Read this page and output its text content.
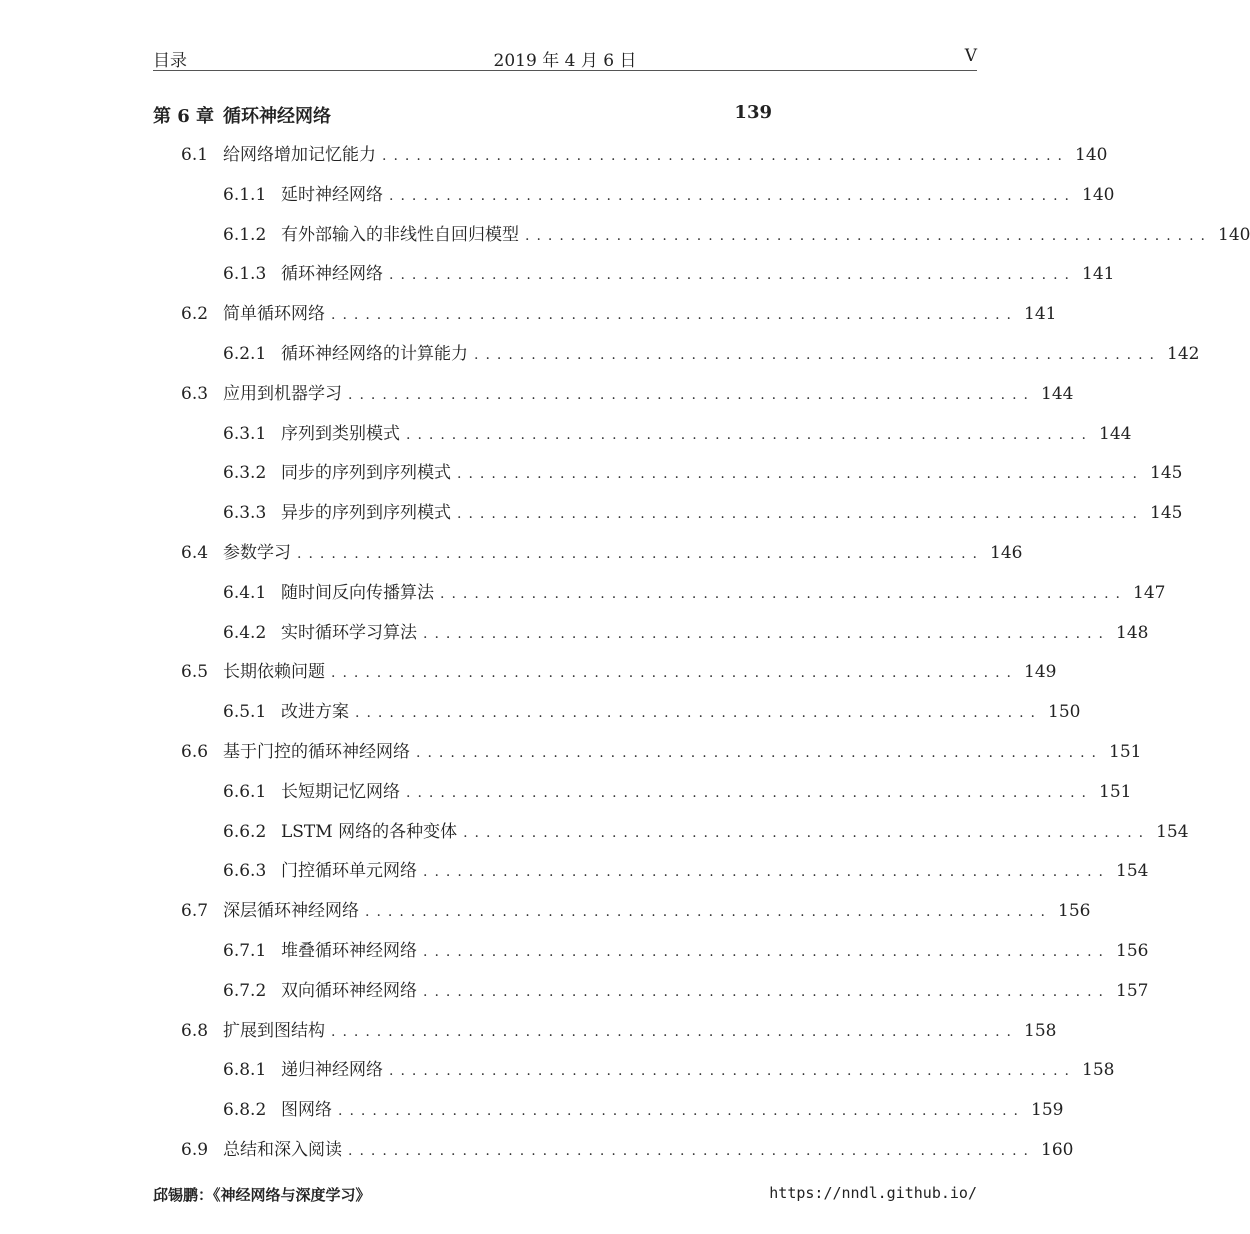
目录	2019 年 4 月 6 日	V
第 6 章 循环神经网络	139
6.1 给网络增加记忆能力 ............................................................ 140
6.1.1 延时神经网络 ............................................................ 140
6.1.2 有外部输入的非线性自回归模型 ............................................................ 140
6.1.3 循环神经网络 ............................................................ 141
6.2 简单循环网络 ............................................................ 141
6.2.1 循环神经网络的计算能力 ............................................................ 142
6.3 应用到机器学习 ............................................................ 144
6.3.1 序列到类别模式 ............................................................ 144
6.3.2 同步的序列到序列模式 ............................................................ 145
6.3.3 异步的序列到序列模式 ............................................................ 145
6.4 参数学习 ............................................................ 146
6.4.1 随时间反向传播算法 ............................................................ 147
6.4.2 实时循环学习算法 ............................................................ 148
6.5 长期依赖问题 ............................................................ 149
6.5.1 改进方案 ............................................................ 150
6.6 基于门控的循环神经网络 ............................................................ 151
6.6.1 长短期记忆网络 ............................................................ 151
6.6.2 LSTM 网络的各种变体 ............................................................ 154
6.6.3 门控循环单元网络 ............................................................ 154
6.7 深层循环神经网络 ............................................................ 156
6.7.1 堆叠循环神经网络 ............................................................ 156
6.7.2 双向循环神经网络 ............................................................ 157
6.8 扩展到图结构 ............................................................ 158
6.8.1 递归神经网络 ............................................................ 158
6.8.2 图网络 ............................................................ 159
6.9 总结和深入阅读 ............................................................ 160
邱锡鹏：《神经网络与深度学习》	https://nndl.github.io/
